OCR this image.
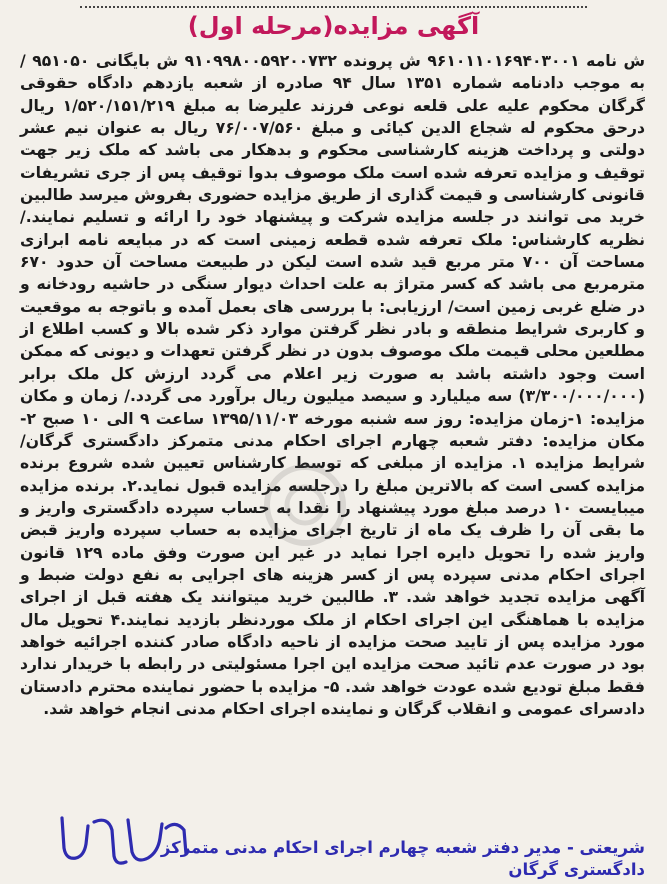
آگهی مزایده(مرحله اول)
ش نامه ۹۶۱۰۱۱۰۱۶۹۴۰۳۰۰۱ ش پرونده ۹۱۰۹۹۸۰۰۵۹۲۰۰۷۳۲ ش بایگانی ۹۵۱۰۵۰ / به موجب دادنامه شماره ۱۳۵۱ سال ۹۴ صادره از شعبه یازدهم دادگاه حقوقی گرگان محکوم علیه علی قلعه نوعی فرزند علیرضا به مبلغ ۱/۵۲۰/۱۵۱/۲۱۹ ریال درحق محکوم له شجاع الدین کیائی و مبلغ ۷۶/۰۰۷/۵۶۰ ریال به عنوان نیم عشر دولتی و پرداخت هزینه کارشناسی محکوم و بدهکار می باشد که ملک زیر جهت توقیف و مزایده تعرفه شده است ملک موصوف بدوا توقیف پس از جری تشریفات قانونی کارشناسی و قیمت گذاری از طریق مزایده حضوری بفروش میرسد طالبین خرید می توانند در جلسه مزایده شرکت و پیشنهاد خود را ارائه و تسلیم نمایند./ نظریه کارشناس: ملک تعرفه شده قطعه زمینی است که در مبایعه نامه ابرازی مساحت آن ۷۰۰ متر مربع قید شده است لیکن در طبیعت مساحت آن حدود ۶۷۰ مترمربع می باشد که کسر متراژ به علت احداث دیوار سنگی در حاشیه رودخانه و در ضلع غربی زمین است/ ارزیابی: با بررسی های بعمل آمده و باتوجه به موقعیت و کاربری شرایط منطقه و بادر نظر گرفتن موارد ذکر شده بالا و کسب اطلاع از مطلعین محلی قیمت ملک موصوف بدون در نظر گرفتن تعهدات و دیونی که ممکن است وجود داشته باشد به صورت زیر اعلام می گردد ارزش کل ملک برابر (۳/۳۰۰/۰۰۰/۰۰۰) سه میلیارد و سیصد میلیون ریال برآورد می گردد./ زمان و مکان مزایده: ۱-زمان مزایده: روز سه شنبه مورخه ۱۳۹۵/۱۱/۰۳ ساعت ۹ الی ۱۰ صبح ۲-مکان مزایده: دفتر شعبه چهارم اجرای احکام مدنی متمرکز دادگستری گرگان/ شرایط مزایده ۱. مزایده از مبلغی که توسط کارشناس تعیین شده شروع برنده مزایده کسی است که بالاترین مبلغ را درجلسه مزایده قبول نماید.۲. برنده مزایده میبایست ۱۰ درصد مبلغ مورد پیشنهاد را نقدا به حساب سپرده دادگستری واریز و ما بقی آن را ظرف یک ماه از تاریخ اجرای مزایده به حساب سپرده واریز قبض واریز شده را تحویل دایره اجرا نماید در غیر این صورت وفق ماده ۱۲۹ قانون اجرای احکام مدنی سپرده پس از کسر هزینه های اجرایی به نفع دولت ضبط و آگهی مزایده تجدید خواهد شد. ۳. طالبین خرید میتوانند یک هفته قبل از اجرای مزایده با هماهنگی این اجرای احکام از ملک موردنظر بازدید نمایند.۴ تحویل مال مورد مزایده پس از تایید صحت مزایده از ناحیه دادگاه صادر کننده اجرائیه خواهد بود در صورت عدم تائید صحت مزایده این اجرا مسئولیتی در رابطه با خریدار ندارد فقط مبلغ تودیع شده عودت خواهد شد. ۵- مزایده با حضور نماینده محترم دادستان دادسرای عمومی و انقلاب گرگان و نماینده اجرای احکام مدنی انجام خواهد شد.
شریعتی - مدیر دفتر شعبه چهارم اجرای احکام مدنی متمرکز دادگستری گرگان
